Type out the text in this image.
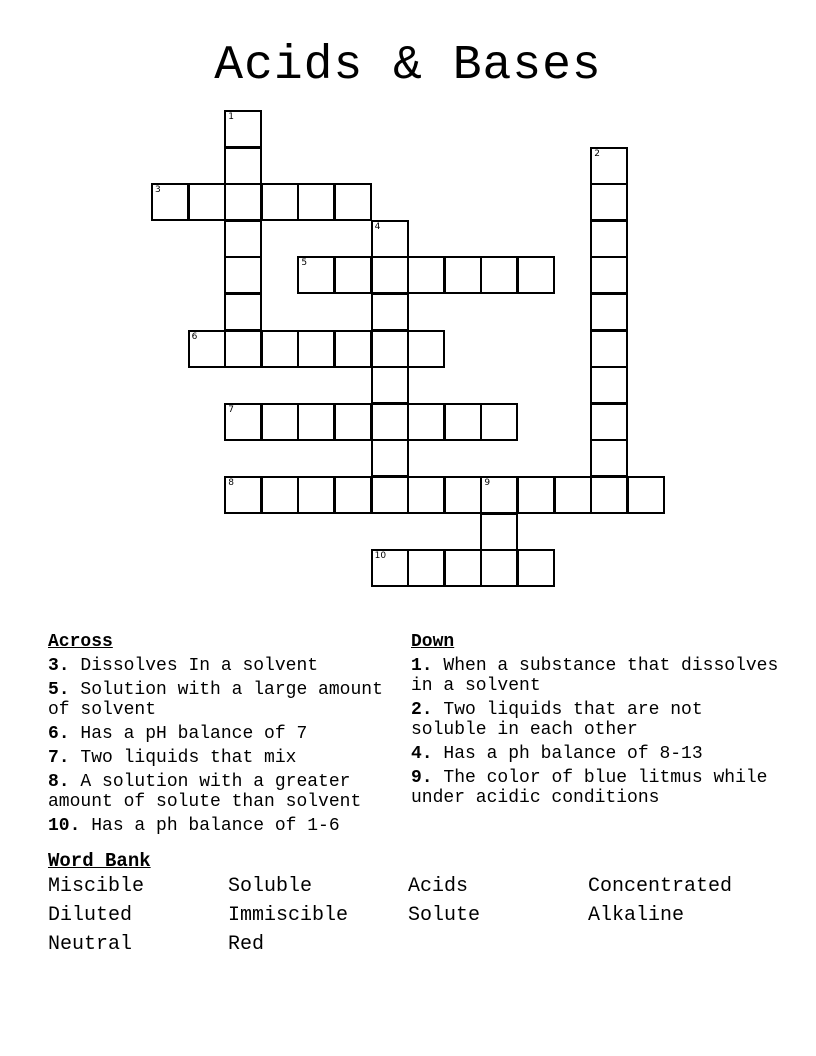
Acids & Bases
1
2
3
4
5
6
7
8	9
10
Across
3. Dissolves In a solvent
5. Solution with a large amount of solvent
6. Has a pH balance of 7
7. Two liquids that mix
8. A solution with a greater amount of solute than solvent
10. Has a ph balance of 1-6
Down
1. When a substance that dissolves in a solvent
2. Two liquids that are not soluble in each other
4. Has a ph balance of 8-13
9. The color of blue litmus while under acidic conditions
Word Bank
Miscible	Soluble	Acids	Concentrated
Diluted	Immiscible	Solute	Alkaline
Neutral	Red
